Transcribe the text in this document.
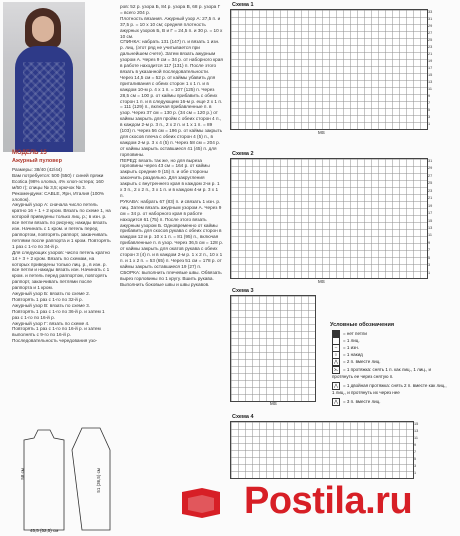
МОДЕЛЬ 15
Ажурный пуловер
Размеры: 38/40 (42/44)
Вам потребуется: 500 (550) г синей пряжи Ecotica (98% хлопка, 4% хлоп-эстера; 160 м/50 г); спицы № 3,5; крючок № 3.
Рекомендуем: CABLE, Ярн, Италия (100% хлопок).
Ажурный узор А: сначала число петель кратно 16 + 1 + 2 кром. Вязать по схеме 1, на которой приведены только лиц. р.; в изн. р. все петли вязать по рисунку, накиды вязать изн. Начинать с 1 кром. и петель перед раппортом, повторять раппорт, заканчивать петлями после раппорта и 1 кром. Повторять 1 раз с 1-го по 34-й р.
Для следующих узоров: число петель кратно 14 + 3 + 2 кром. Вязать по схемам, на которых приведены только лиц. р., в изн. р. все петли и накиды вязать изн. Начинать с 1 кром. и петель перед раппортом, повторять раппорт, заканчивать петлями после раппорта и 1 кром.
Ажурный узор Б: вязать по схеме 2. Повторять 1 раз с 1-го по 32-й р.
Ажурный узор В: вязать по схеме 3. Повторять 1 раз с 1-го по 36-й р. и затем 1 раз с 1-го по 16-й р.
Ажурный узор Г: вязать по схеме 4. Повторять 1 раз с 1-го по 16-й р. и затем выполнять с 9-го по 16-й р.
Последовательность чередования узо-
ров: 52 р. узора Б, 84 р. узора В, 68 р. узора Г = всего 204 р.
Плотность вязания. Ажурный узор А: 27,5 п. и 37,5 р. = 10 х 10 см; средняя плотность ажурных узоров Б, В и Г = 24,5 п. и 30 р. = 10 х 10 см.
СПИНКА: набрать 131 (147) п. и вязать 1 изн. р. лиц. (этот ряд не учитывается при дальнейшем счете). Затем вязать ажурным узором А. Через 9 см = 34 р. от наборного края в работе находится 117 (131) п. После этого вязать в указанной последовательности. Через 14,5 см = 52 р. от каймы убавить для приталивания с обеих сторон 1 х 1 п. и в каждом 10-м р. 4 х 1 п. = 107 (125) п. Через 28,5 см = 100 р. от каймы прибавить с обеих сторон 1 п. и в следующем 16-м р. еще 2 х 1 п. = 111 (129) п., включая прибавленные п. в узор. Через 37 см = 130 р. (34 см = 120 р.) от каймы закрыть для пройм с обеих сторон 4 п., в каждом 2-м р. 3 п., 2 х 2 п. и 1 х 1 п. = 89 (103) п. Через 56 см = 196 р. от каймы закрыть для скосов плеча с обеих сторон 4 (5) п., в каждом 2-м р. 3 х 4 (5) п. Через 58 см = 204 р. от каймы закрыть оставшиеся 41 (45) п. для горловины.
ПЕРЕД: вязать так же, но для выреза горловины через 43 см = 164 р. от каймы закрыть средние 9 (15) п. и обе стороны закончить раздельно. Для закругления закрыть с внутреннего края в каждом 2-м р. 1 х 3 п., 2 х 2 п., 3 х 1 п. и в каждом 4-м р. 3 х 1 п.
РУКАВА: набрать 67 (83) п. и связать 1 изн. р. лиц. Затем вязать ажурным узором А. Через 9 см = 34 р. от наборного края в работе находится 61 (75) п. После этого вязать ажурным узором Б. Одновременно от каймы прибавить для скосов рукава с обеих сторон в каждом 12 м р. 10 х 1 п. = 81 (95) п., включая прибавленные п. в узор. Через 36,5 см = 128 р. от каймы закрыть для окатов рукава с обеих сторон 3 (4) п. и в каждом 2-м р. 1 х 2 п., 10 х 1 п. и 1 х 2 п. = 53 (65) п. Через 51 см = 178 р. от каймы закрыть оставшиеся 19 (27) п.
СБОРКА: выполнить плечевые швы. Обвязать вырез горловины по 1 кругу. Вшить рукава. Выполнить боковые швы и швы рукавов.
Схема 1
МS
Схема 2
МS
Схема 3
МS
Схема 4
Условные обозначения
= нет петли
= 1 лиц.
– = 1 изн.
○ = 1 накид
⋀ = 2 п. вместе лиц.
⋋ = 1 протяжка: снять 1 п. как лиц., 1 лиц., и протянуть ее через снятую п.
⋀ = 1 двойная протяжка: снять 2 п. вместе как лиц., 1 лиц., и протянуть их через нее
⋀ = 3 п. вместе лиц.
58 см	51 (36,5) см
45,5 (52,5) см
Postila.ru
33
31
29
27
25
23
21
19
17
15
13
11
9
7
5
3
1
31
29
27
25
23
21
19
17
15
13
11
9
7
5
3
1
15
13
11
9
7
5
3
1
